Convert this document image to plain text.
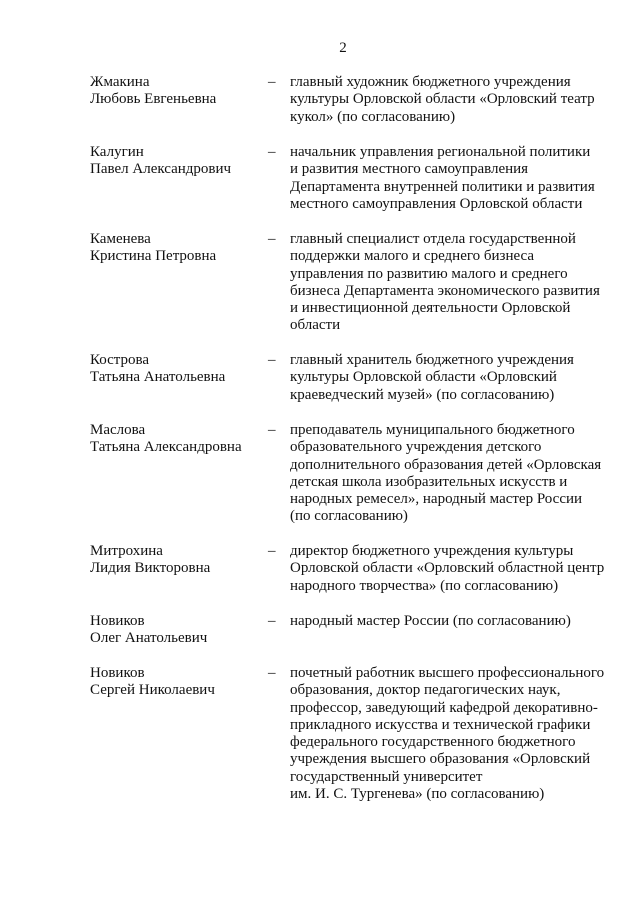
2
Жмакина
Любовь Евгеньевна
– главный художник бюджетного учреждения
культуры Орловской области «Орловский театр
кукол» (по согласованию)
Калугин
Павел Александрович
– начальник управления региональной политики
и развития местного самоуправления
Департамента внутренней политики и развития
местного самоуправления Орловской области
Каменева
Кристина Петровна
– главный специалист отдела государственной
поддержки малого и среднего бизнеса
управления по развитию малого и среднего
бизнеса Департамента экономического развития
и инвестиционной деятельности Орловской
области
Кострова
Татьяна Анатольевна
– главный хранитель бюджетного учреждения
культуры Орловской области «Орловский
краеведческий музей» (по согласованию)
Маслова
Татьяна Александровна
– преподаватель муниципального бюджетного
образовательного учреждения детского
дополнительного образования детей «Орловская
детская школа изобразительных искусств и
народных ремесел», народный мастер России
(по согласованию)
Митрохина
Лидия Викторовна
– директор бюджетного учреждения культуры
Орловской области «Орловский областной центр
народного творчества» (по согласованию)
Новиков
Олег Анатольевич
– народный мастер России (по согласованию)
Новиков
Сергей Николаевич
– почетный работник высшего профессионального
образования, доктор педагогических наук,
профессор, заведующий кафедрой декоративно-
прикладного искусства и технической графики
федерального государственного бюджетного
учреждения высшего образования «Орловский
государственный университет
им. И. С. Тургенева» (по согласованию)
